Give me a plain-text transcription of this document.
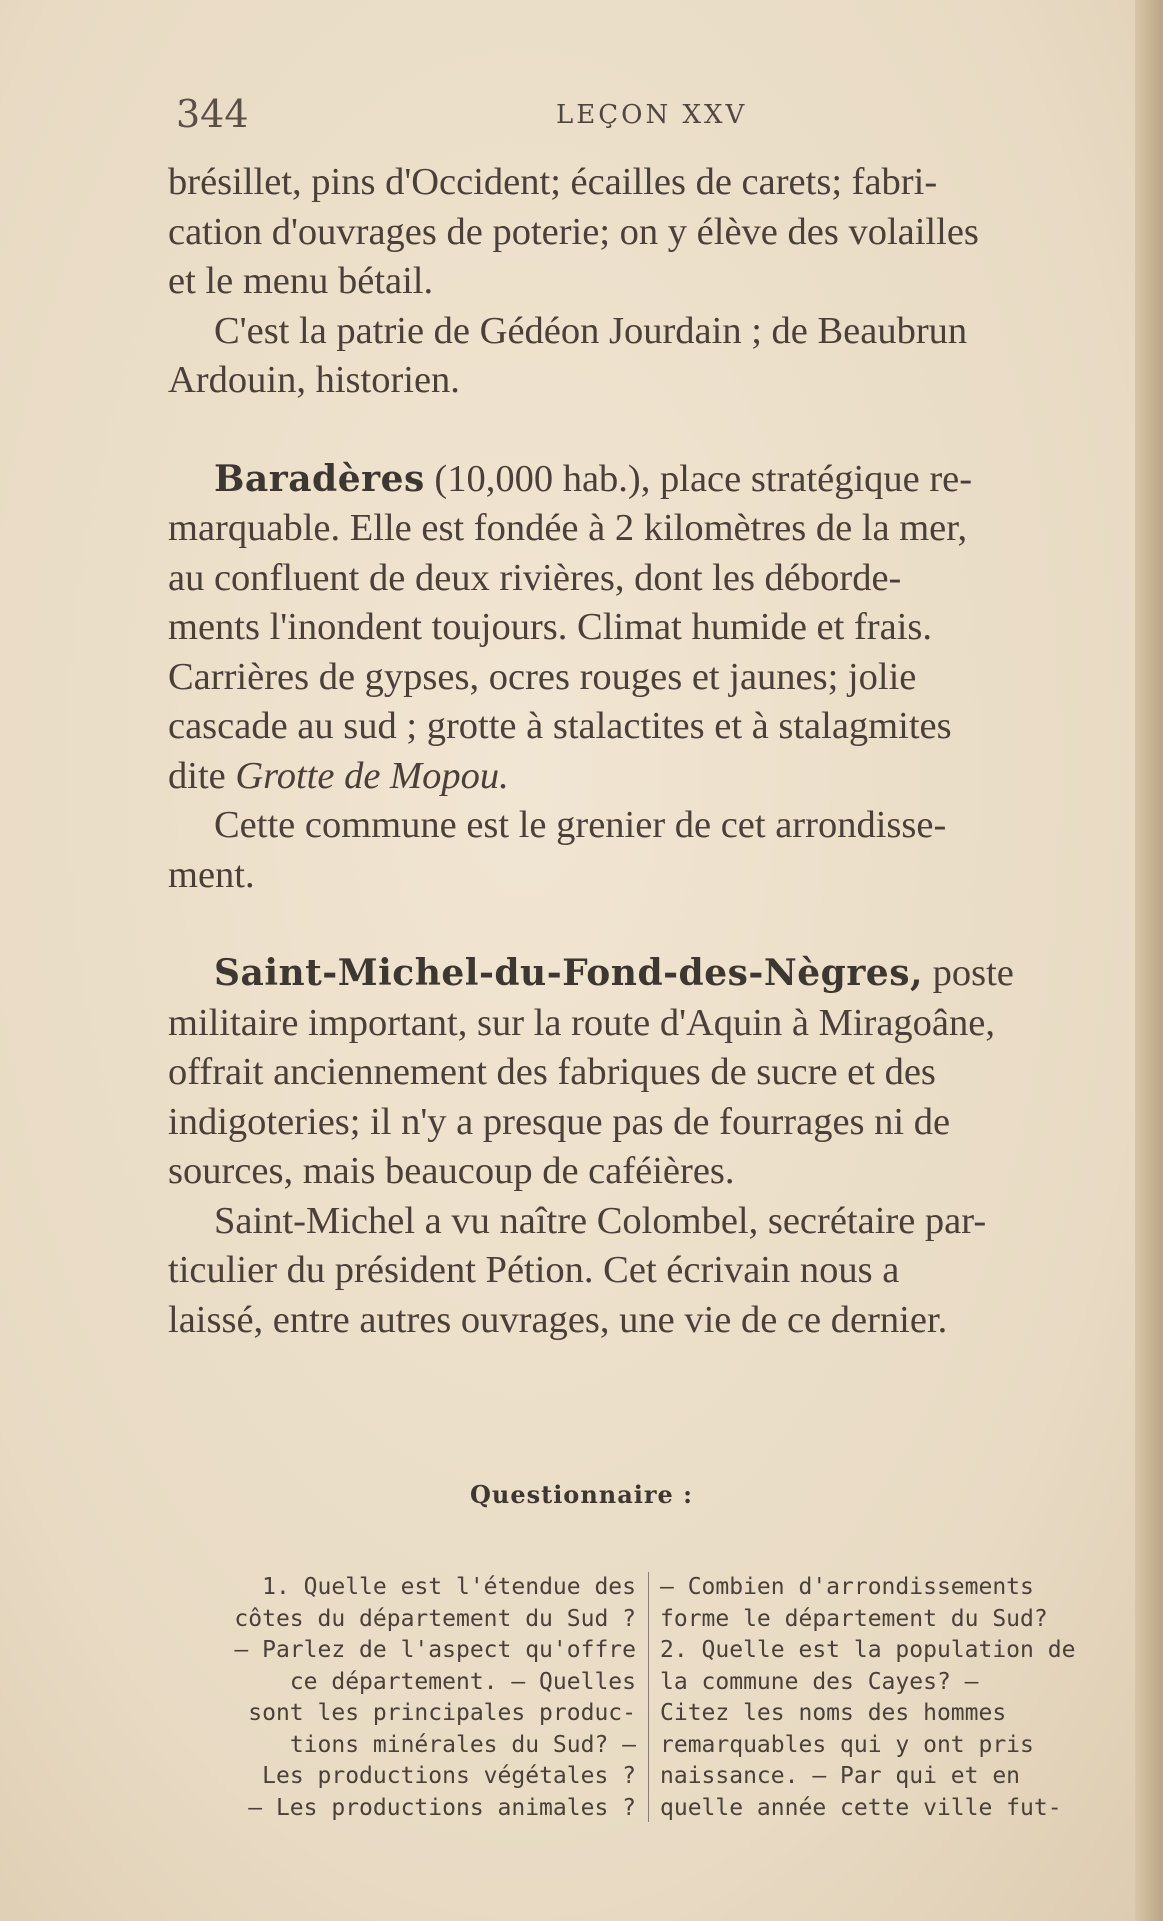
344	LEÇON XXV

brésillet, pins d'Occident; écailles de carets; fabri-
cation d'ouvrages de poterie; on y élève des volailles
et le menu bétail.

C'est la patrie de Gédéon Jourdain ; de Beaubrun
Ardouin, historien.

Baradères (10,000 hab.), place stratégique re-
marquable. Elle est fondée à 2 kilomètres de la mer,
au confluent de deux rivières, dont les déborde-
ments l'inondent toujours. Climat humide et frais.
Carrières de gypses, ocres rouges et jaunes; jolie
cascade au sud ; grotte à stalactites et à stalagmites
dite Grotte de Mopou.

Cette commune est le grenier de cet arrondisse-
ment.

Saint-Michel-du-Fond-des-Nègres, poste
militaire important, sur la route d'Aquin à Miragoâne,
offrait anciennement des fabriques de sucre et des
indigoteries; il n'y a presque pas de fourrages ni de
sources, mais beaucoup de caféières.

Saint-Michel a vu naître Colombel, secrétaire par-
ticulier du président Pétion. Cet écrivain nous a
laissé, entre autres ouvrages, une vie de ce dernier.

Questionnaire :
1. Quelle est l'étendue des
côtes du département du Sud ?
— Parlez de l'aspect qu'offre
ce département. — Quelles
sont les principales produc-
tions minérales du Sud? —
Les productions végétales ?
— Les productions animales ?
— Combien d'arrondissements
forme le département du Sud?
2. Quelle est la population de
la commune des Cayes? —
Citez les noms des hommes
remarquables qui y ont pris
naissance. — Par qui et en
quelle année cette ville fut-
